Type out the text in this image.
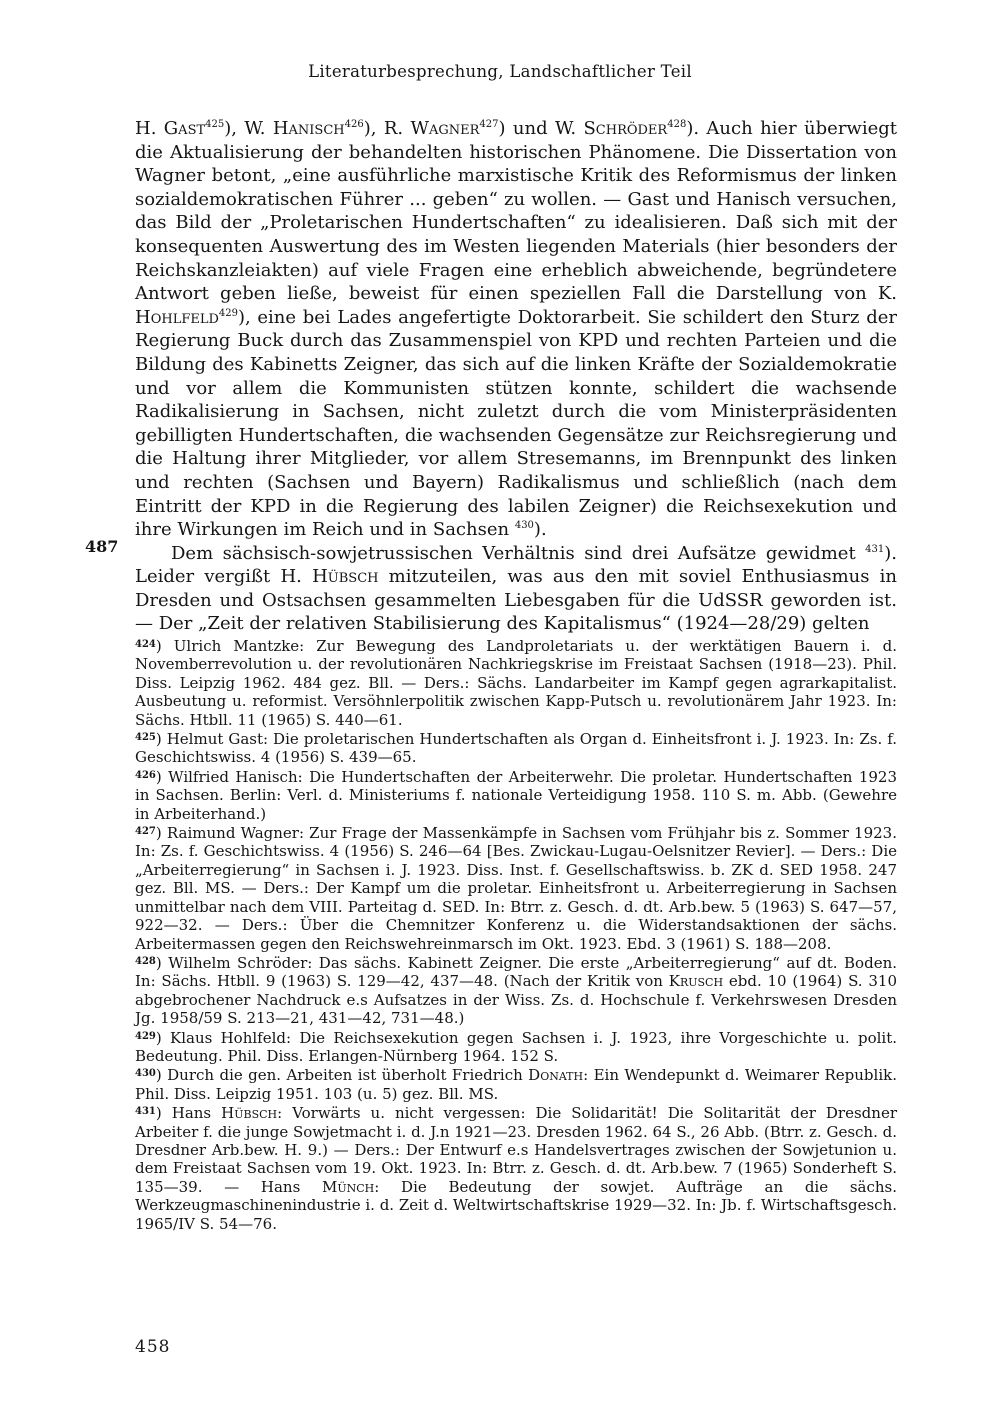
Literaturbesprechung, Landschaftlicher Teil

H. Gast$^{425}$), W. Hanisch$^{426}$), R. Wagner$^{427}$) und W. Schröder$^{428}$). Auch hier überwiegt die Aktualisierung der behandelten historischen Phänomene. Die Dissertation von Wagner betont, „eine ausführliche marxistische Kritik des Reformismus der linken sozialdemokratischen Führer ... geben“ zu wollen. — Gast und Hanisch versuchen, das Bild der „Proletarischen Hundertschaften“ zu idealisieren. Daß sich mit der konsequenten Auswertung des im Westen liegenden Materials (hier besonders der Reichskanzleiakten) auf viele Fragen eine erheblich abweichende, begründetere Antwort geben ließe, beweist für einen speziellen Fall die Darstellung von K. Hohlfeld$^{429}$), eine bei Lades angefertigte Doktorarbeit. Sie schildert den Sturz der Regierung Buck durch das Zusammenspiel von KPD und rechten Parteien und die Bildung des Kabinetts Zeigner, das sich auf die linken Kräfte der Sozialdemokratie und vor allem die Kommunisten stützen konnte, schildert die wachsende Radikalisierung in Sachsen, nicht zuletzt durch die vom Ministerpräsidenten gebilligten Hundertschaften, die wachsenden Gegensätze zur Reichsregierung und die Haltung ihrer Mitglieder, vor allem Stresemanns, im Brennpunkt des linken und rechten (Sachsen und Bayern) Radikalismus und schließlich (nach dem Eintritt der KPD in die Regierung des labilen Zeigner) die Reichsexekution und ihre Wirkungen im Reich und in Sachsen $^{430}$).
Dem sächsisch-sowjetrussischen Verhältnis sind drei Aufsätze gewidmet $^{431}$). Leider vergißt H. Hübsch mitzuteilen, was aus den mit soviel Enthusiasmus in Dresden und Ostsachsen gesammelten Liebesgaben für die UdSSR geworden ist. — Der „Zeit der relativen Stabilisierung des Kapitalismus“ (1924—28/29) gelten

487

$^{424}$) Ulrich Mantzke: Zur Bewegung des Landproletariats u. der werktätigen Bauern i. d. Novemberrevolution u. der revolutionären Nachkriegskrise im Freistaat Sachsen (1918—23). Phil. Diss. Leipzig 1962. 484 gez. Bll. — Ders.: Sächs. Landarbeiter im Kampf gegen agrarkapitalist. Ausbeutung u. reformist. Versöhnlerpolitik zwischen Kapp-Putsch u. revolutionärem Jahr 1923. In: Sächs. Htbll. 11 (1965) S. 440—61.

$^{425}$) Helmut Gast: Die proletarischen Hundertschaften als Organ d. Einheitsfront i. J. 1923. In: Zs. f. Geschichtswiss. 4 (1956) S. 439—65.

$^{426}$) Wilfried Hanisch: Die Hundertschaften der Arbeiterwehr. Die proletar. Hundertschaften 1923 in Sachsen. Berlin: Verl. d. Ministeriums f. nationale Verteidigung 1958. 110 S. m. Abb. (Gewehre in Arbeiterhand.)

$^{427}$) Raimund Wagner: Zur Frage der Massenkämpfe in Sachsen vom Frühjahr bis z. Sommer 1923. In: Zs. f. Geschichtswiss. 4 (1956) S. 246—64 [Bes. Zwickau-Lugau-Oelsnitzer Revier]. — Ders.: Die „Arbeiterregierung“ in Sachsen i. J. 1923. Diss. Inst. f. Gesellschaftswiss. b. ZK d. SED 1958. 247 gez. Bll. MS. — Ders.: Der Kampf um die proletar. Einheitsfront u. Arbeiterregierung in Sachsen unmittelbar nach dem VIII. Parteitag d. SED. In: Btrr. z. Gesch. d. dt. Arb.bew. 5 (1963) S. 647—57, 922—32. — Ders.: Über die Chemnitzer Konferenz u. die Widerstandsaktionen der sächs. Arbeitermassen gegen den Reichswehreinmarsch im Okt. 1923. Ebd. 3 (1961) S. 188—208.

$^{428}$) Wilhelm Schröder: Das sächs. Kabinett Zeigner. Die erste „Arbeiterregierung“ auf dt. Boden. In: Sächs. Htbll. 9 (1963) S. 129—42, 437—48. (Nach der Kritik von Krusch ebd. 10 (1964) S. 310 abgebrochener Nachdruck e.s Aufsatzes in der Wiss. Zs. d. Hochschule f. Verkehrswesen Dresden Jg. 1958/59 S. 213—21, 431—42, 731—48.)

$^{429}$) Klaus Hohlfeld: Die Reichsexekution gegen Sachsen i. J. 1923, ihre Vorgeschichte u. polit. Bedeutung. Phil. Diss. Erlangen-Nürnberg 1964. 152 S.

$^{430}$) Durch die gen. Arbeiten ist überholt Friedrich Donath: Ein Wendepunkt d. Weimarer Republik. Phil. Diss. Leipzig 1951. 103 (u. 5) gez. Bll. MS.

$^{431}$) Hans Hübsch: Vorwärts u. nicht vergessen: Die Solidarität! Die Solitarität der Dresdner Arbeiter f. die junge Sowjetmacht i. d. J.n 1921—23. Dresden 1962. 64 S., 26 Abb. (Btrr. z. Gesch. d. Dresdner Arb.bew. H. 9.) — Ders.: Der Entwurf e.s Handelsvertrages zwischen der Sowjetunion u. dem Freistaat Sachsen vom 19. Okt. 1923. In: Btrr. z. Gesch. d. dt. Arb.bew. 7 (1965) Sonderheft S. 135—39. — Hans Münch: Die Bedeutung der sowjet. Aufträge an die sächs. Werkzeugmaschinenindustrie i. d. Zeit d. Weltwirtschaftskrise 1929—32. In: Jb. f. Wirtschaftsgesch. 1965/IV S. 54—76.

458
